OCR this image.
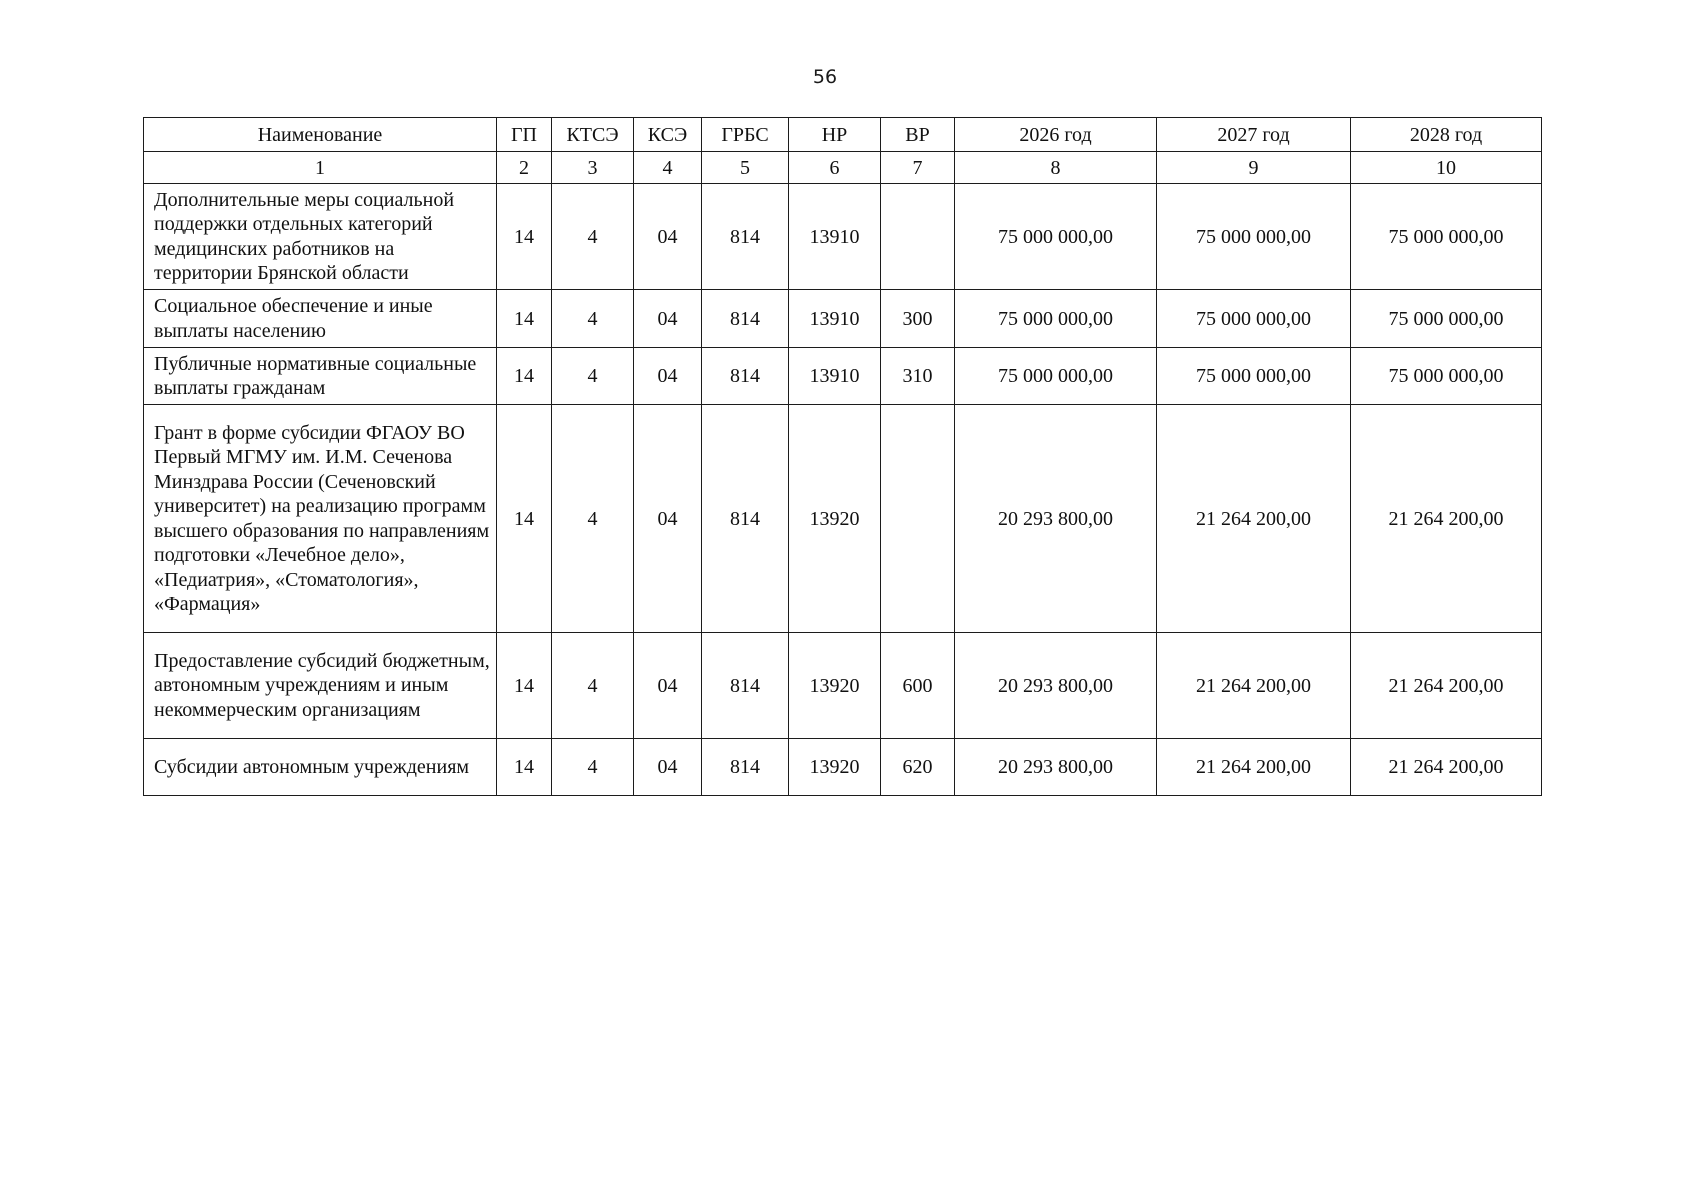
56
Наименование	ГП	КТСЭ	КСЭ	ГРБС	НР	ВР	2026 год	2027 год	2028 год
1	2	3	4	5	6	7	8	9	10
Дополнительные меры социальной поддержки отдельных категорий медицинских работников на территории Брянской области	14	4	04	814	13910		75 000 000,00	75 000 000,00	75 000 000,00
Социальное обеспечение и иные выплаты населению	14	4	04	814	13910	300	75 000 000,00	75 000 000,00	75 000 000,00
Публичные нормативные социальные выплаты гражданам	14	4	04	814	13910	310	75 000 000,00	75 000 000,00	75 000 000,00
Грант в форме субсидии ФГАОУ ВО Первый МГМУ им. И.М. Сеченова Минздрава России (Сеченовский университет) на реализацию программ высшего образования по направлениям подготовки «Лечебное дело», «Педиатрия», «Стоматология», «Фармация»	14	4	04	814	13920		20 293 800,00	21 264 200,00	21 264 200,00
Предоставление субсидий бюджетным, автономным учреждениям и иным некоммерческим организациям	14	4	04	814	13920	600	20 293 800,00	21 264 200,00	21 264 200,00
Субсидии автономным учреждениям	14	4	04	814	13920	620	20 293 800,00	21 264 200,00	21 264 200,00
